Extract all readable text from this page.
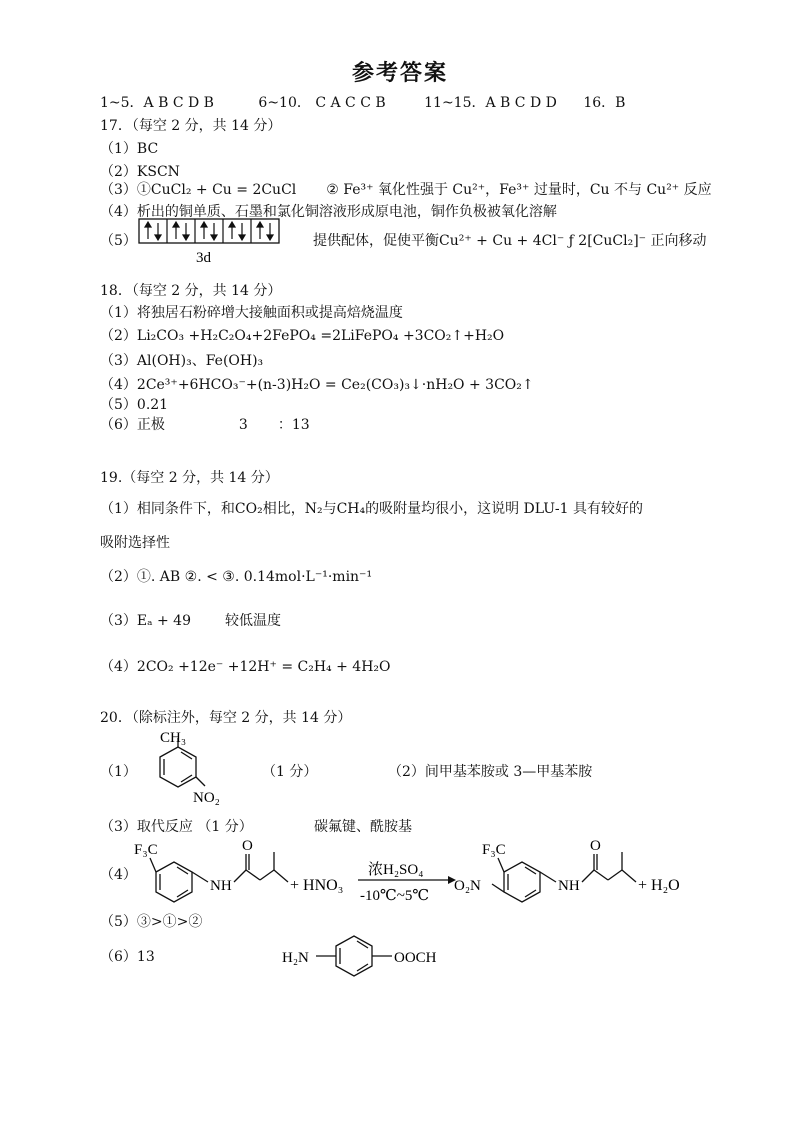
参考答案
1~5．A B C D B	6~10． C A C C B	11~15．A B C D D 16．B
17．（每空 2 分，共 14 分）
（1）BC
（2）KSCN
（3）①CuCl₂ + Cu = 2CuCl ② Fe³⁺ 氧化性强于 Cu²⁺，Fe³⁺ 过量时，Cu 不与 Cu²⁺ 反应
（4）析出的铜单质、石墨和氯化铜溶液形成原电池，铜作负极被氧化溶解
（5）
3d
提供配体，促使平衡Cu²⁺ + Cu + 4Cl⁻ ƒ 2[CuCl₂]⁻ 正向移动
18．（每空 2 分，共 14 分）
（1）将独居石粉碎增大接触面积或提高焙烧温度
（2）Li₂CO₃ +H₂C₂O₄+2FePO₄ =2LiFePO₄ +3CO₂↑+H₂O
（3）Al(OH)₃、Fe(OH)₃
（4）2Ce³⁺+6HCO₃⁻+(n-3)H₂O = Ce₂(CO₃)₃↓·nH₂O + 3CO₂↑
（5）0.21
（6）正极	3 ：13
19.（每空 2 分，共 14 分）
（1）相同条件下，和CO₂相比，N₂与CH₄的吸附量均很小，这说明 DLU-1 具有较好的
吸附选择性
（2）①. AB ②. < ③. 0.14mol·L⁻¹·min⁻¹
（3）Eₐ + 49 较低温度
（4）2CO₂ +12e⁻ +12H⁺ = C₂H₄ + 4H₂O
20．（除标注外，每空 2 分，共 14 分）
（1）
CH₃
NO₂
（1 分）	（2）间甲基苯胺或 3—甲基苯胺
（3）取代反应 （1 分）	碳氟键、酰胺基
（4）
F₃C	O
NH	+ HNO₃
浓H₂SO₄
-10℃~5℃
F₃C
O₂N
O
NH	+ H₂O
（5）③>①>②
（6）13	H₂N	OOCH
